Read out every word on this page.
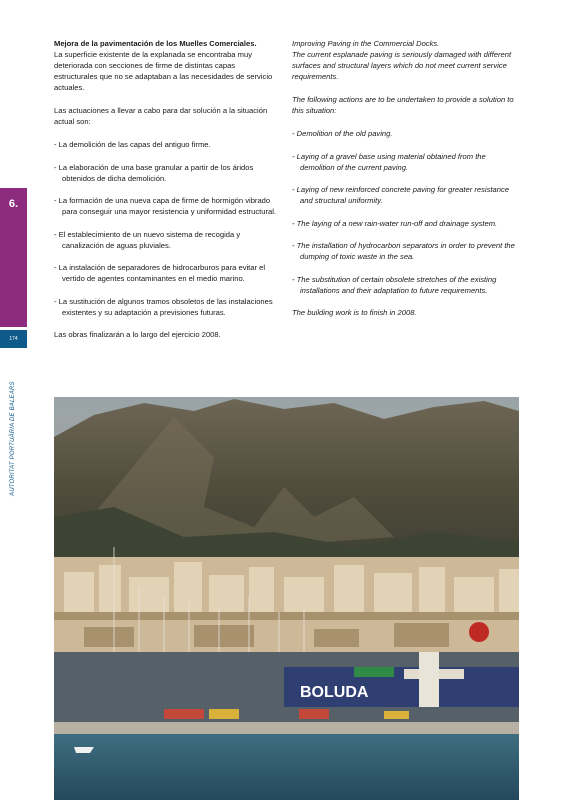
Mejora de la pavimentación de los Muelles Comerciales.

La superficie existente de la explanada se encontraba muy deteriorada con secciones de firme de distintas capas estructurales que no se adaptaban a las necesidades de servicio actuales.

Las actuaciones a llevar a cabo para dar solución a la situación actual son:

- La demolición de las capas del antiguo firme.
- La elaboración de una base granular a partir de los áridos obtenidos de dicha demolición.
- La formación de una nueva capa de firme de hormigón vibrado para conseguir una mayor resistencia y uniformidad estructural.
- El establecimiento de un nuevo sistema de recogida y canalización de aguas pluviales.
- La instalación de separadores de hidrocarburos para evitar el vertido de agentes contaminantes en el medio marino.
- La sustitución de algunos tramos obsoletos de las instalaciones existentes y su adaptación a previsiones futuras.

Las obras finalizarán a lo largo del ejercicio 2008.

Improving Paving in the Commercial Docks.

The current esplanade paving is seriously damaged with different surfaces and structural layers which do not meet current service requirements.

The following actions are to be undertaken to provide a solution to this situation:

- Demolition of the old paving.
- Laying of a gravel base using material obtained from the demolition of the current paving.
- Laying of new reinforced concrete paving for greater resistance and structural uniformity.
- The laying of a new rain-water run-off and drainage system.
- The installation of hydrocarbon separators in order to prevent the dumping of toxic waste in the sea.
- The substitution of certain obsolete stretches of the existing installations and their adaptation to future requirements.

The building work is to finish in 2008.

6.
174
AUTORITAT PORTUÀRIA DE BALEARS
BOLUDA
